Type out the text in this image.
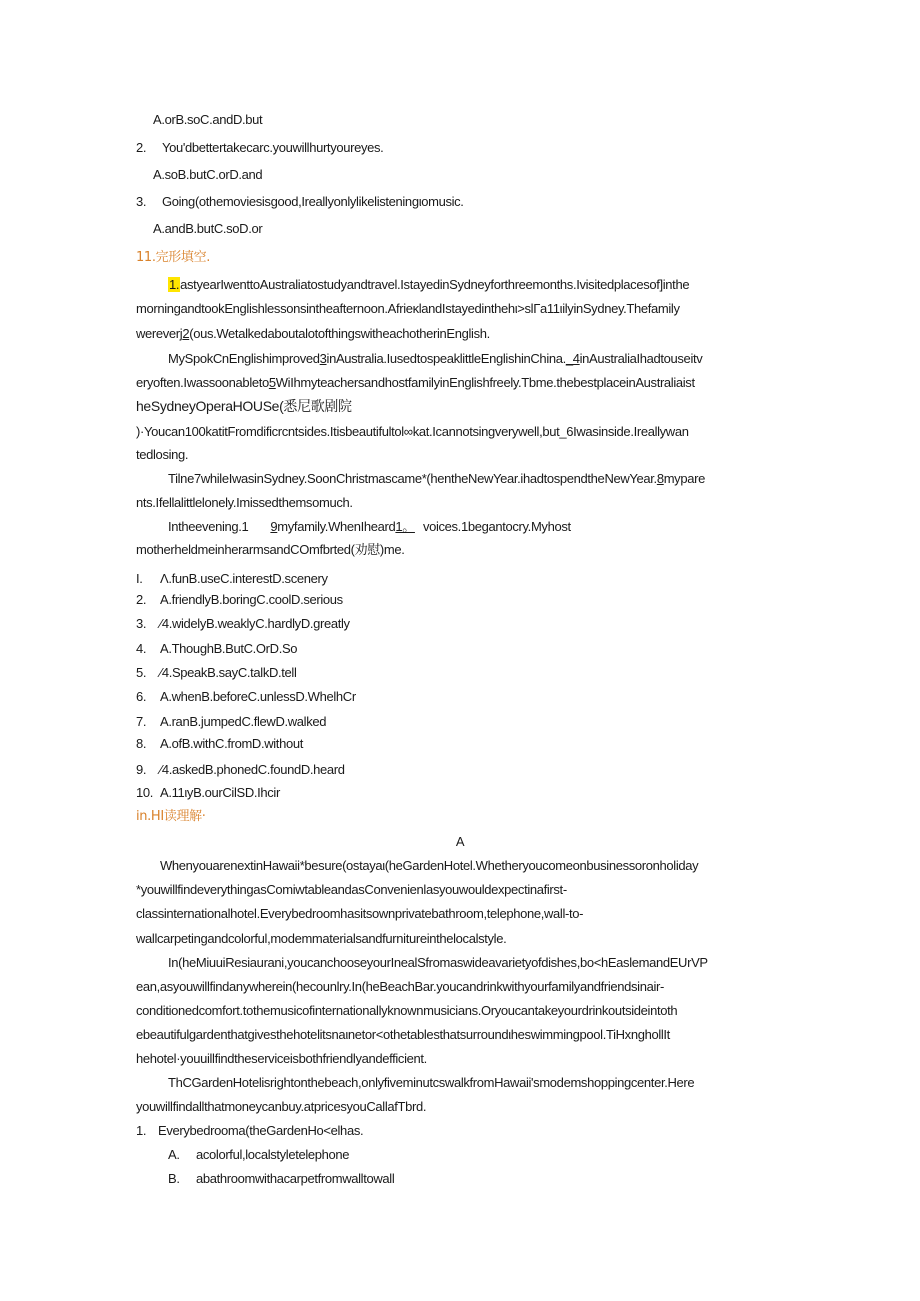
A.orB.soC.andD.but
2. You'dbettertakecarc.youwillhurtyoureyes.
A.soB.butC.orD.and
3. Going(othemoviesisgood,Ireallyonlylikelisteningιomusic.
A.andB.butC.soD.or
11.完形填空.
1.astyearIwenttoAustraliatostudyandtravel.IstayedinSydneyforthreemonths.Ivisitedplacesof]inthe
morningandtookEnglishlessonsintheafternoon.AfrieκlandIstayedinthehι>slΓa11ιilyinSydney.Thefamily
wereverj2(ous.WetalkedaboutalotofthingswitheachotherinEnglish.
MySpokCnEnglishimproved3inAustralia.IusedtospeaklittleEnglishinChina._4inAustraliaIhadtouseitv
eryoften.Iwassoonableto5WiIhmyteachersandhostfamilyinEnglishfreely.Tbme.thebestplaceinAustraliaist
heSydneyOperaHOUSe(悉尼歌剧院
)·Youcan100katitFromdificrcntsides.Itisbeautifultol∞kat.Icannotsingverywell,but_6Iwasinside.Ireallywan
tedlosing.
Tilne7whileIwasinSydney.SoonChristmascame*(hentheNewYear.ihadtospendtheNewYear.8mypare
nts.Ifellalittlelonely.Imissedthemsomuch.
Intheevening.1 9myfamily.WhenIheard1。 voices.1begantocry.Myhost
motherheldmeinherarmsandCOmfbrted(劝慰)me.
I. Λ.funB.useC.interestD.scenery
2. A.friendlyB.boringC.coolD.serious
3. ∕4.widelyB.weaklyC.hardlyD.greatly
4. A.ThoughB.ButC.OrD.So
5. ∕4.SpeakB.sayC.talkD.tell
6. A.whenB.beforeC.unlessD.WhelhCr
7. A.ranB.jumpedC.flewD.walked
8. A.ofB.withC.fromD.without
9. ∕4.askedB.phonedC.foundD.heard
10. A.11ιyB.ourCilSD.Ihcir
in.HI读理解·
A
WhenyouarenextinHawaii*besure(ostayaι(heGardenHotel.Whetheryoucomeonbusinessoronholiday
*youwillfindeverythingasComiwtableandasConvenienlasyouwouldexpectinafirst-
classinternationalhotel.Everybedroomhasitsownprivatebathroom,telephone,wall-to-
wallcarpetingandcolorful,modemmaterialsandfurnitureinthelocalstyle.
In(heMiuuiResiaurani,youcanchooseyourInealSfromaswideavarietyofdishes,bo<hEaslemandEUrVP
ean,asyouwillfindanywherein(hecounlry.In(heBeachBar.youcandrinkwithyourfamilyandfriendsinair-
conditionedcomfort.tothemusicofinternationallyknownmusicians.Oryoucantakeyourdrinkoutsideintoth
ebeautifulgardenthatgivesthehotelitsnaιnetor<othetablesthatsurroundιheswimmingpool.TiHxnghollIt
hehotel·youuillfindtheserviceisbothfriendlyandefficient.
ThCGardenHotelisrightonthebeach,onlyfiveminutcswalkfromHawaii'smodemshoppingcenter.Here
youwillfindallthatmoneycanbuy.atpricesyouCallafTbrd.
1. Everybedrooma(theGardenHo<elhas.
A. acolorful,localstyletelephone
B. abathroomwithacarpetfromwalltowall
